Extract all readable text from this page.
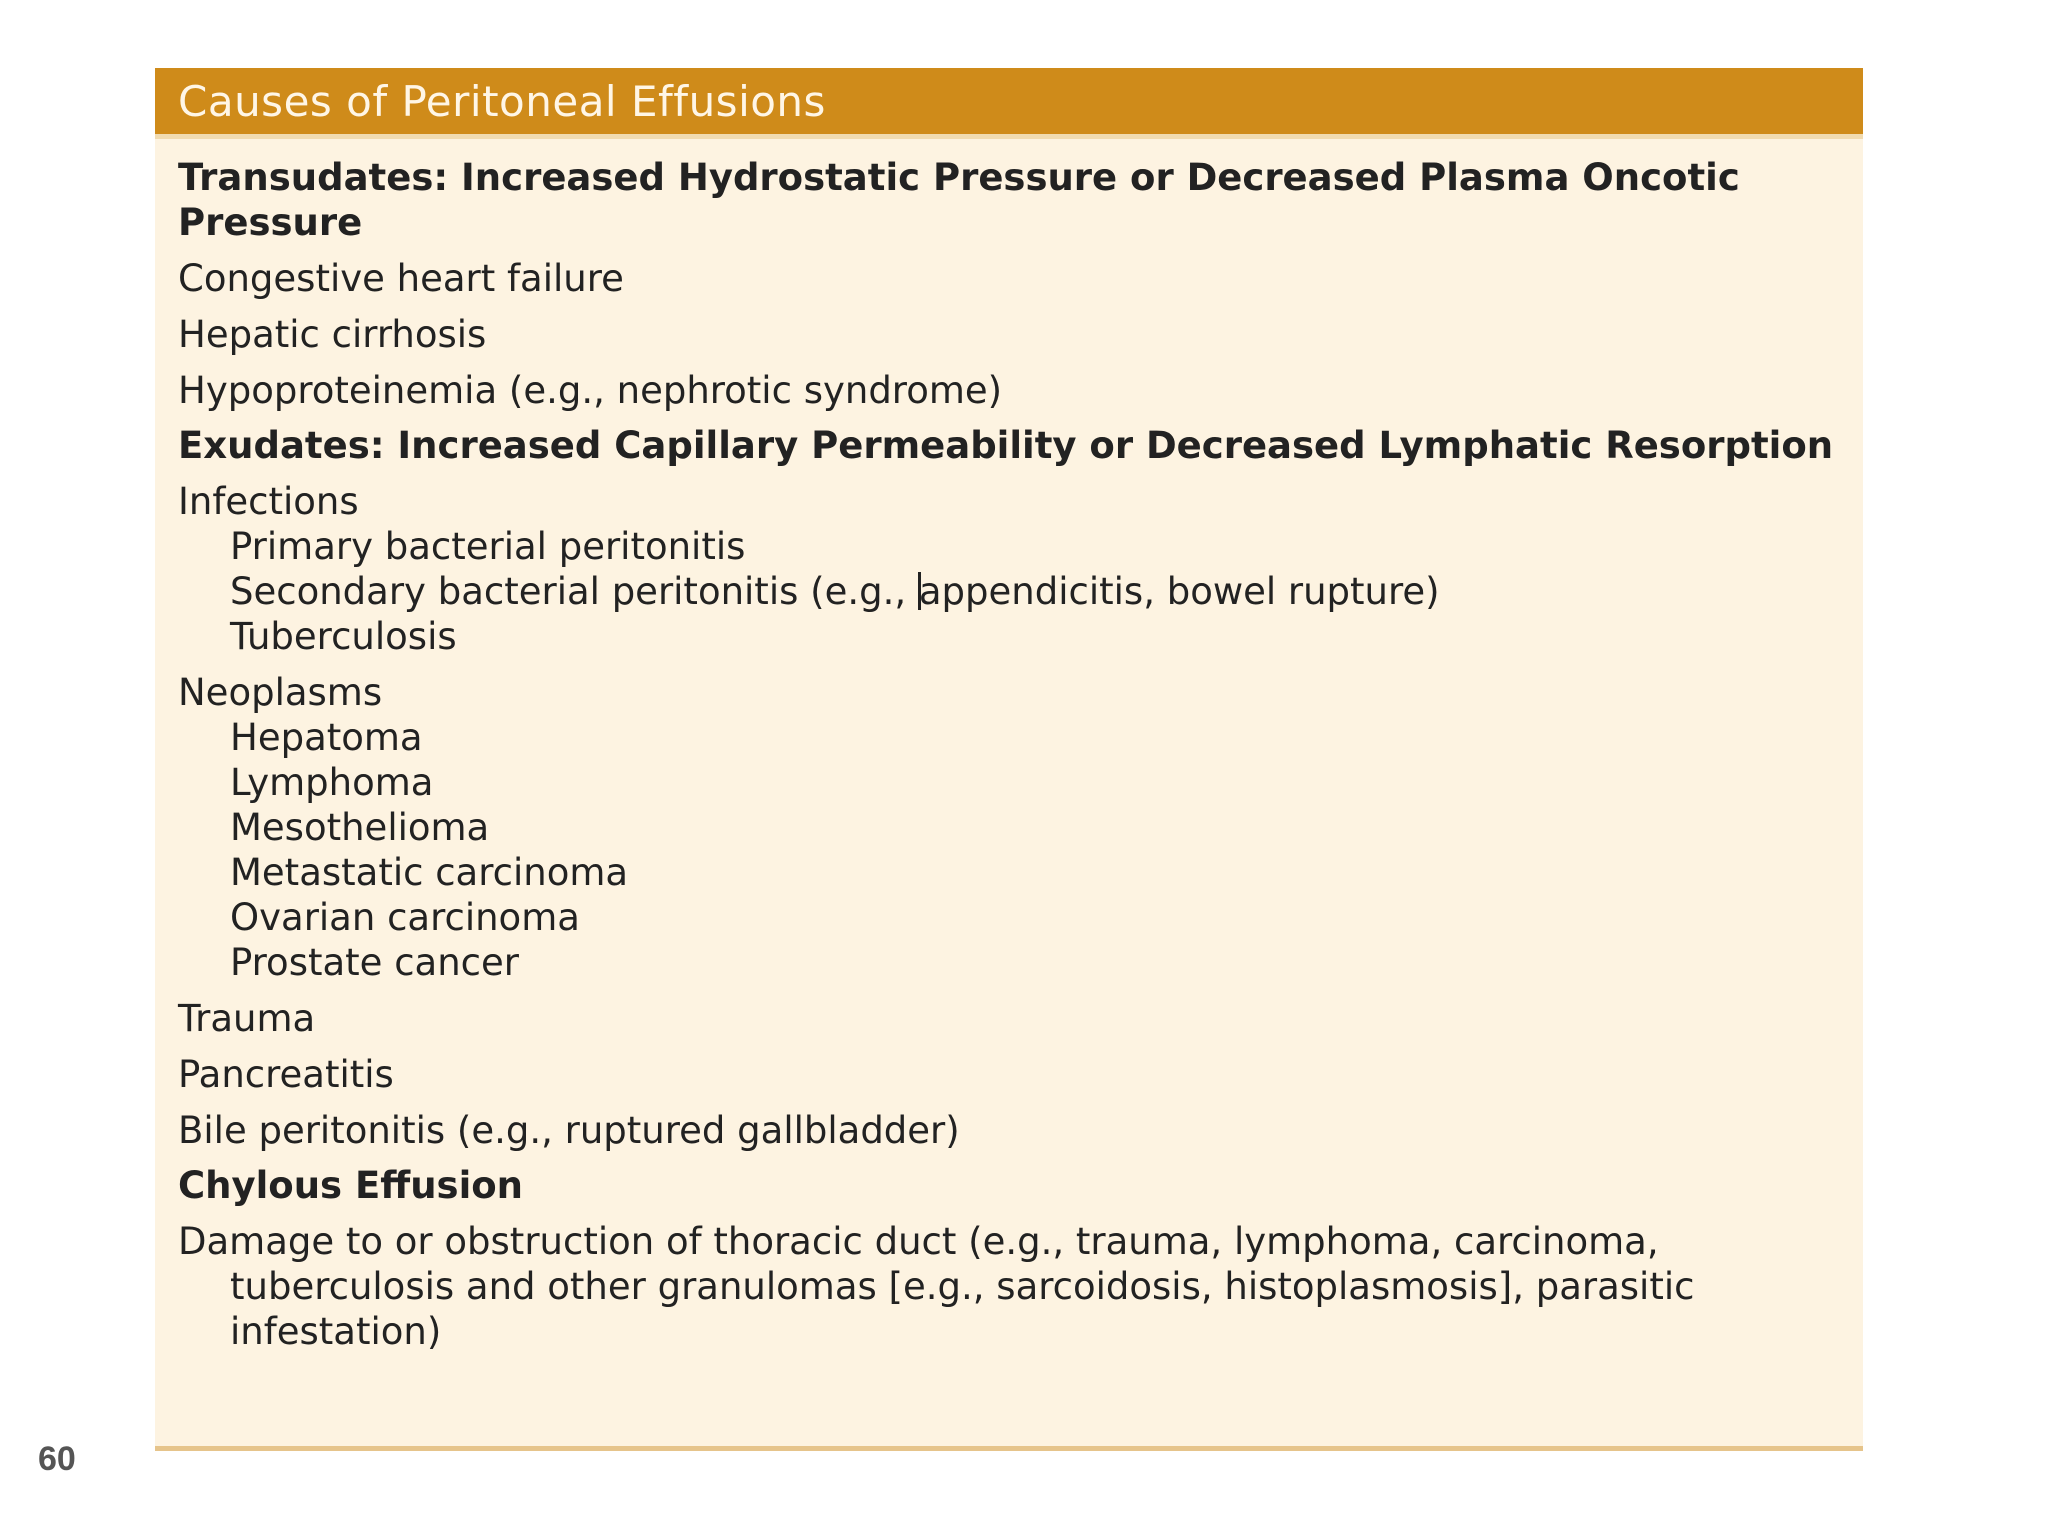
Causes of Peritoneal Effusions
Transudates: Increased Hydrostatic Pressure or Decreased Plasma Oncotic Pressure
Congestive heart failure
Hepatic cirrhosis
Hypoproteinemia (e.g., nephrotic syndrome)
Exudates: Increased Capillary Permeability or Decreased Lymphatic Resorption
Infections
Primary bacterial peritonitis
Secondary bacterial peritonitis (e.g., appendicitis, bowel rupture)
Tuberculosis
Neoplasms
Hepatoma
Lymphoma
Mesothelioma
Metastatic carcinoma
Ovarian carcinoma
Prostate cancer
Trauma
Pancreatitis
Bile peritonitis (e.g., ruptured gallbladder)
Chylous Effusion
Damage to or obstruction of thoracic duct (e.g., trauma, lymphoma, carcinoma, tuberculosis and other granulomas [e.g., sarcoidosis, histoplasmosis], parasitic infestation)
60
